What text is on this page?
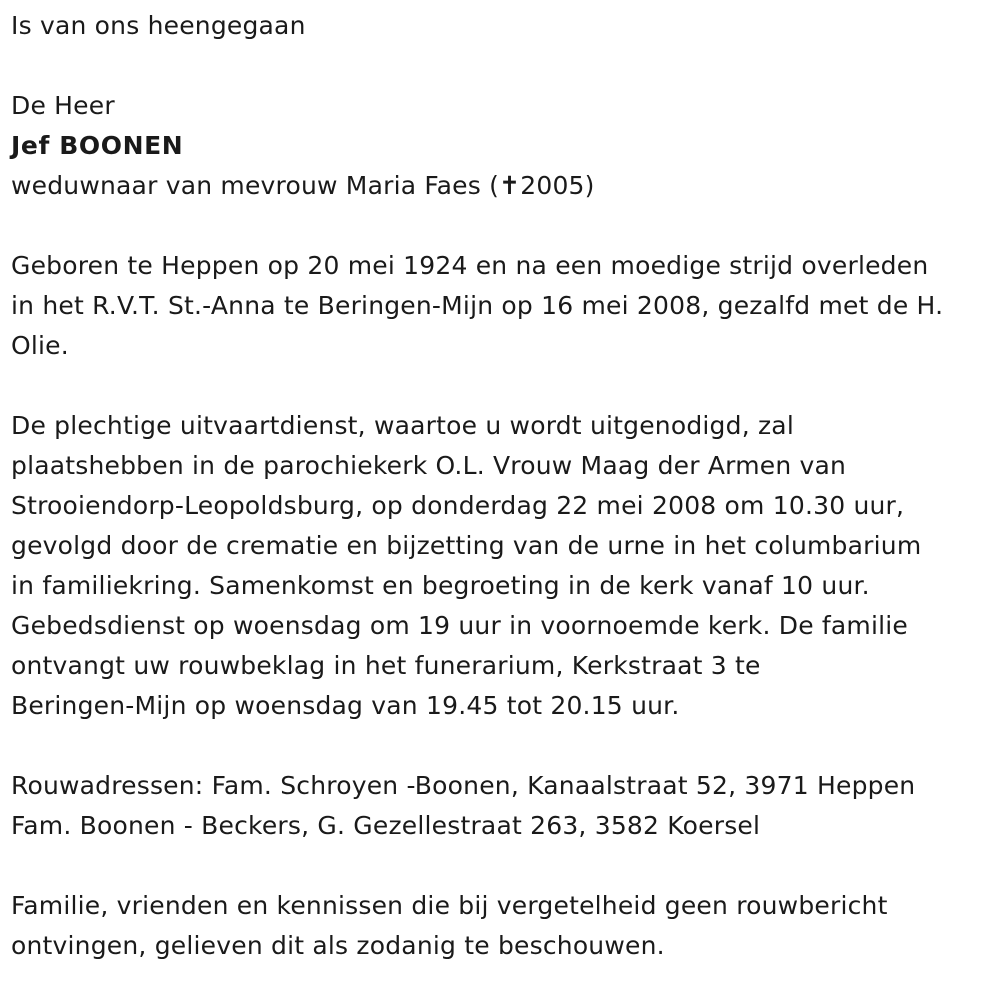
Is van ons heengegaan
De Heer
Jef BOONEN
weduwnaar van mevrouw Maria Faes (✝2005)
Geboren te Heppen op 20 mei 1924 en na een moedige strijd overleden
in het R.V.T. St.-Anna te Beringen-Mijn op 16 mei 2008, gezalfd met de H.
Olie.
De plechtige uitvaartdienst, waartoe u wordt uitgenodigd, zal
plaatshebben in de parochiekerk O.L. Vrouw Maag der Armen van
Strooiendorp-Leopoldsburg, op donderdag 22 mei 2008 om 10.30 uur,
gevolgd door de crematie en bijzetting van de urne in het columbarium
in familiekring. Samenkomst en begroeting in de kerk vanaf 10 uur.
Gebedsdienst op woensdag om 19 uur in voornoemde kerk. De familie
ontvangt uw rouwbeklag in het funerarium, Kerkstraat 3 te
Beringen-Mijn op woensdag van 19.45 tot 20.15 uur.
Rouwadressen: Fam. Schroyen -Boonen, Kanaalstraat 52, 3971 Heppen
Fam. Boonen - Beckers, G. Gezellestraat 263, 3582 Koersel
Familie, vrienden en kennissen die bij vergetelheid geen rouwbericht
ontvingen, gelieven dit als zodanig te beschouwen.
